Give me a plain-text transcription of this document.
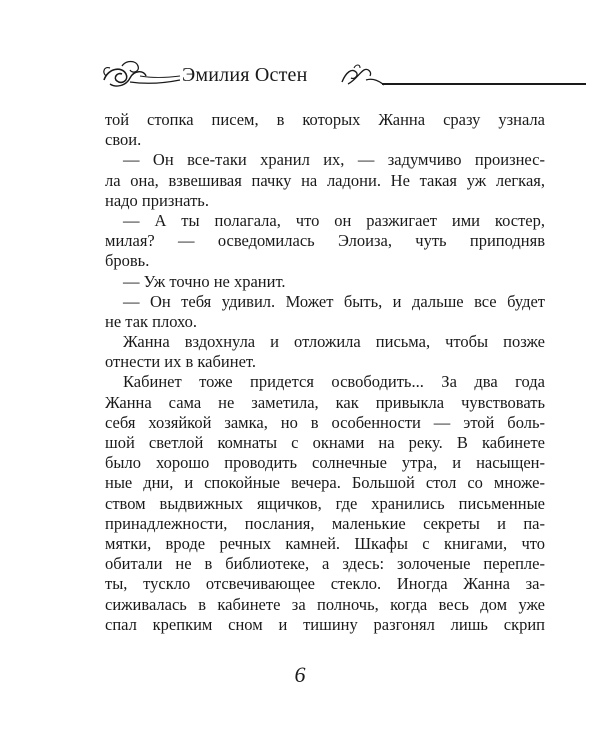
Эмилия Остен
той стопка писем, в которых Жанна сразу узнала
свои.
— Он все-таки хранил их, — задумчиво произнес-
ла она, взвешивая пачку на ладони. Не такая уж легкая,
надо признать.
— А ты полагала, что он разжигает ими костер,
милая? — осведомилась Элоиза, чуть приподняв
бровь.
— Уж точно не хранит.
— Он тебя удивил. Может быть, и дальше все будет
не так плохо.
Жанна вздохнула и отложила письма, чтобы позже
отнести их в кабинет.
Кабинет тоже придется освободить... За два года
Жанна сама не заметила, как привыкла чувствовать
себя хозяйкой замка, но в особенности — этой боль-
шой светлой комнаты с окнами на реку. В кабинете
было хорошо проводить солнечные утра, и насыщен-
ные дни, и спокойные вечера. Большой стол со множе-
ством выдвижных ящичков, где хранились письменные
принадлежности, послания, маленькие секреты и па-
мятки, вроде речных камней. Шкафы с книгами, что
обитали не в библиотеке, а здесь: золоченые перепле-
ты, тускло отсвечивающее стекло. Иногда Жанна за-
сиживалась в кабинете за полночь, когда весь дом уже
спал крепким сном и тишину разгонял лишь скрип
6
